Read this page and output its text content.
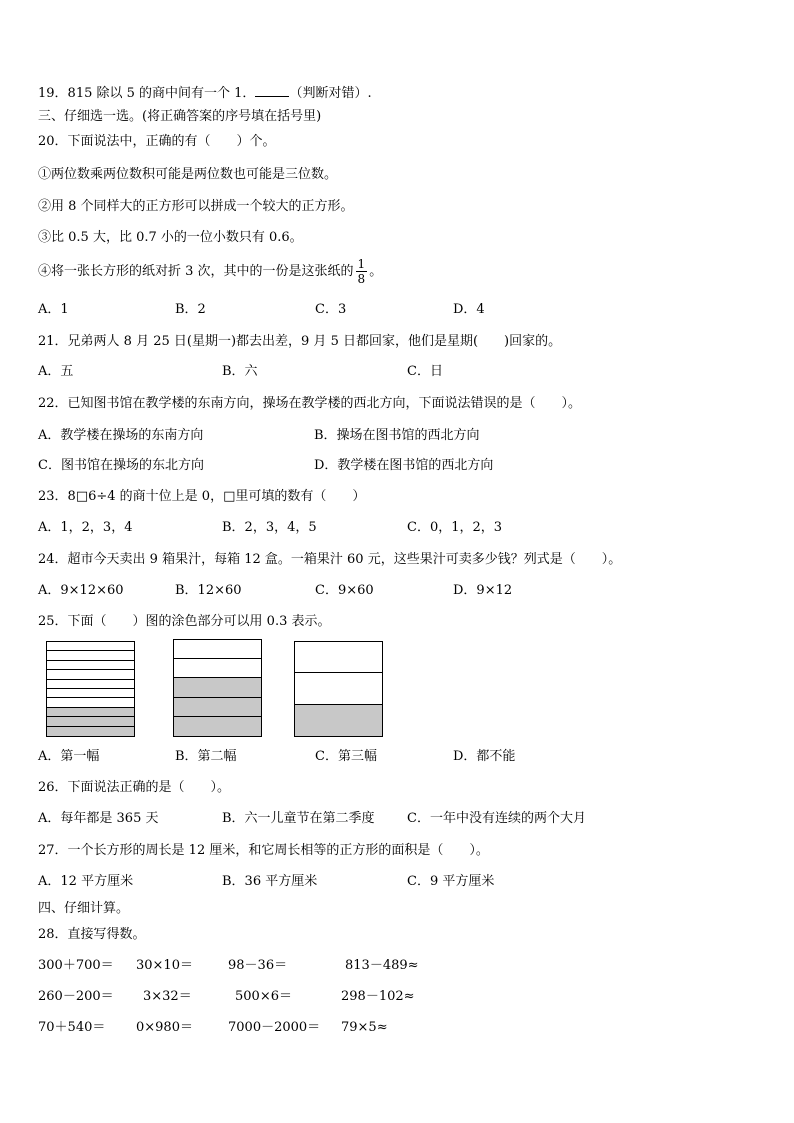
19．815 除以 5 的商中间有一个 1．	（判断对错）.
三、仔细选一选。(将正确答案的序号填在括号里)
20．下面说法中，正确的有（　　）个。
①两位数乘两位数积可能是两位数也可能是三位数。
②用 8 个同样大的正方形可以拼成一个较大的正方形。
③比 0.5 大，比 0.7 小的一位小数只有 0.6。
④将一张长方形的纸对折 3 次，其中的一份是这张纸的 $\frac{1}{8}$ 。
A．1	B．2	C．3	D．4
21．兄弟两人 8 月 25 日(星期一)都去出差，9 月 5 日都回家，他们是星期(　　)回家的。
A．五	B．六	C．日
22．已知图书馆在教学楼的东南方向，操场在教学楼的西北方向，下面说法错误的是（　　）。
A．教学楼在操场的东南方向	B．操场在图书馆的西北方向
C．图书馆在操场的东北方向	D．教学楼在图书馆的西北方向
23．8□6÷4 的商十位上是 0，□里可填的数有（　　）
A．1，2，3，4	B．2，3，4，5	C．0，1，2，3
24．超市今天卖出 9 箱果汁，每箱 12 盒。一箱果汁 60 元，这些果汁可卖多少钱？列式是（　　）。
A．9×12×60	B．12×60	C．9×60	D．9×12
25．下面（　　）图的涂色部分可以用 0.3 表示。
A．第一幅	B．第二幅	C．第三幅	D．都不能
26．下面说法正确的是（　　）。
A．每年都是 365 天	B．六一儿童节在第二季度 C．一年中没有连续的两个大月
27．一个长方形的周长是 12 厘米，和它周长相等的正方形的面积是（　　）。
A．12 平方厘米	B．36 平方厘米	C．9 平方厘米
四、仔细计算。
28．直接写得数。
300＋700＝ 30×10＝	98－36＝	813－489≈
260－200＝ 3×32＝	500×6＝	298－102≈
70＋540＝ 0×980＝	7000－2000＝ 79×5≈
